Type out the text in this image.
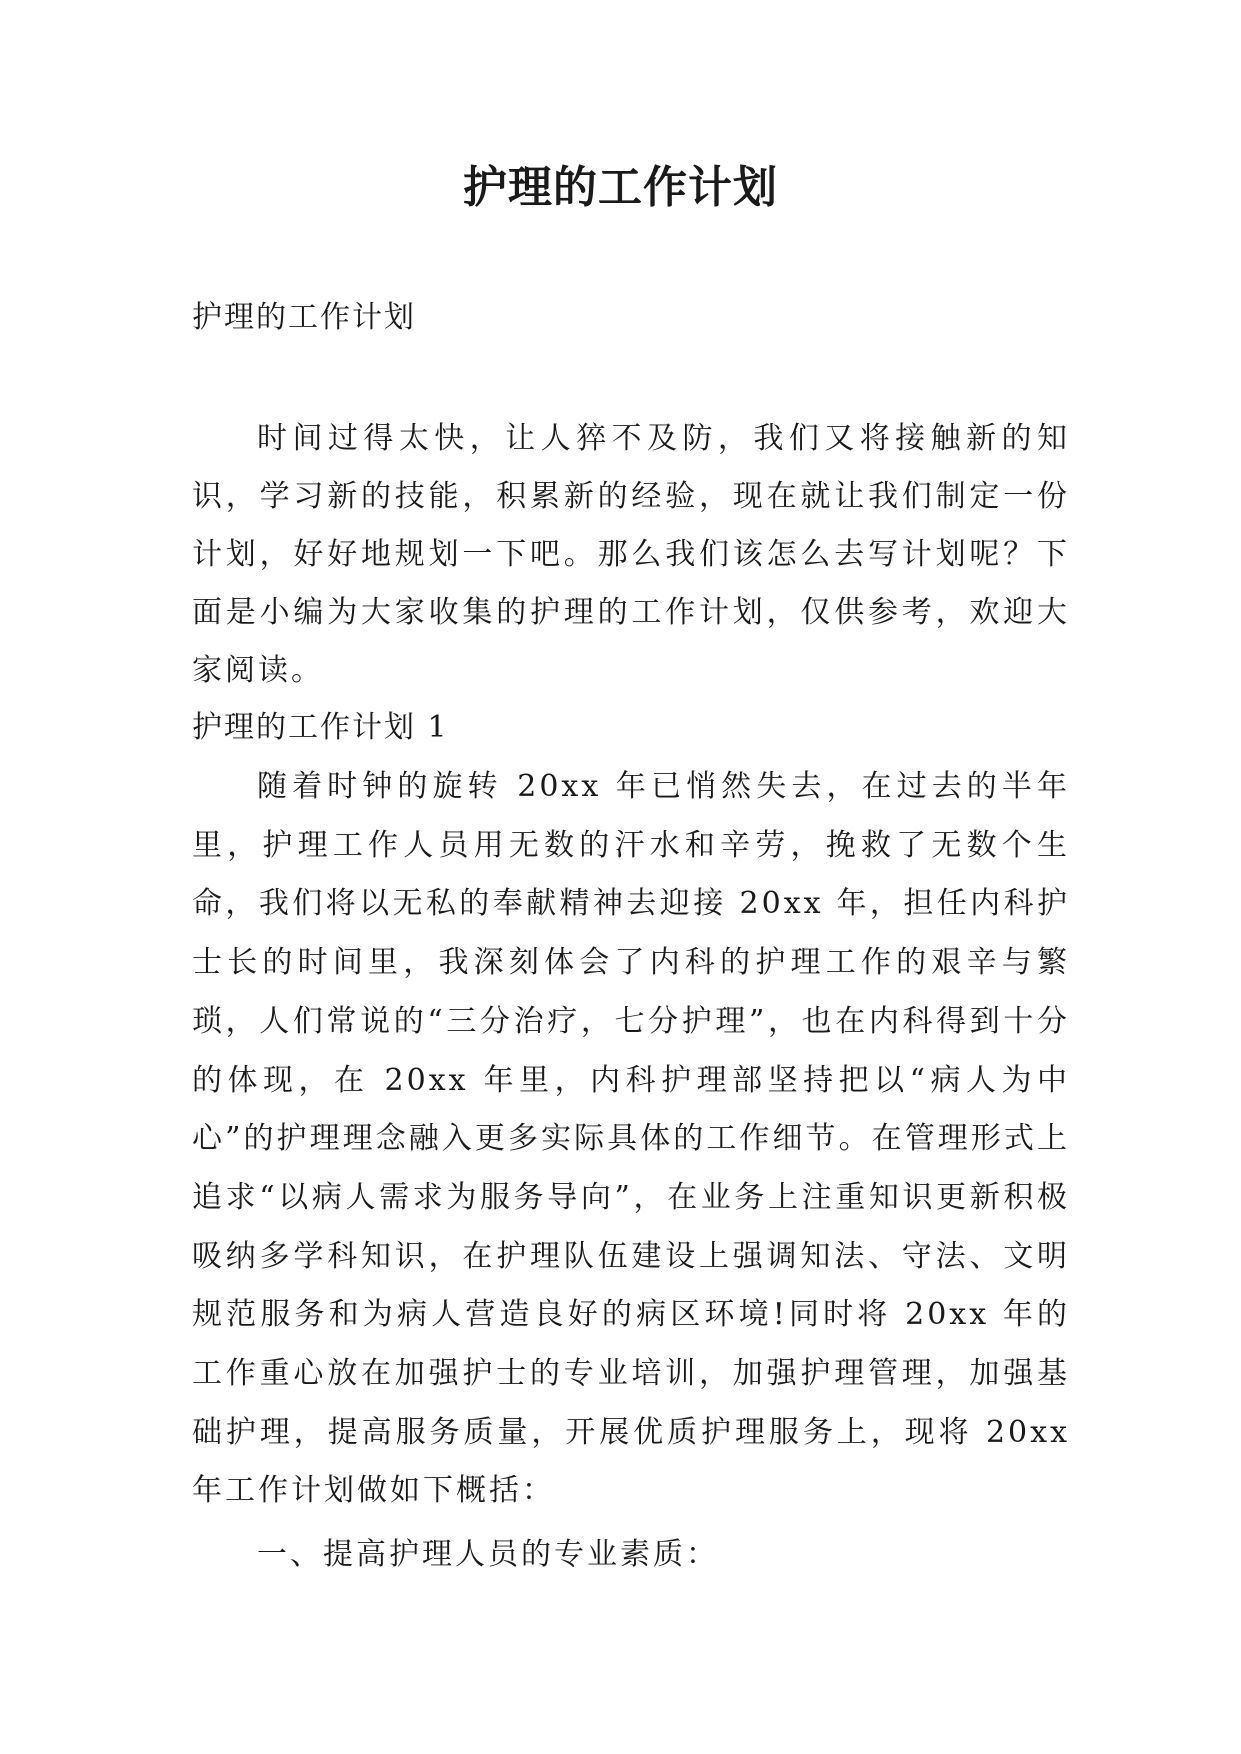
护理的工作计划

护理的工作计划

时间过得太快，让人猝不及防，我们又将接触新的知识，学习新的技能，积累新的经验，现在就让我们制定一份计划，好好地规划一下吧。那么我们该怎么去写计划呢？下面是小编为大家收集的护理的工作计划，仅供参考，欢迎大家阅读。

护理的工作计划 1

随着时钟的旋转 20xx 年已悄然失去，在过去的半年里，护理工作人员用无数的汗水和辛劳，挽救了无数个生命，我们将以无私的奉献精神去迎接 20xx 年，担任内科护士长的时间里，我深刻体会了内科的护理工作的艰辛与繁琐，人们常说的“三分治疗，七分护理”，也在内科得到十分的体现，在 20xx 年里，内科护理部坚持把以“病人为中心”的护理理念融入更多实际具体的工作细节。在管理形式上追求“以病人需求为服务导向”，在业务上注重知识更新积极吸纳多学科知识，在护理队伍建设上强调知法、守法、文明规范服务和为病人营造良好的病区环境!同时将 20xx 年的工作重心放在加强护士的专业培训，加强护理管理，加强基础护理，提高服务质量，开展优质护理服务上，现将 20xx 年工作计划做如下概括：

一、提高护理人员的专业素质：
